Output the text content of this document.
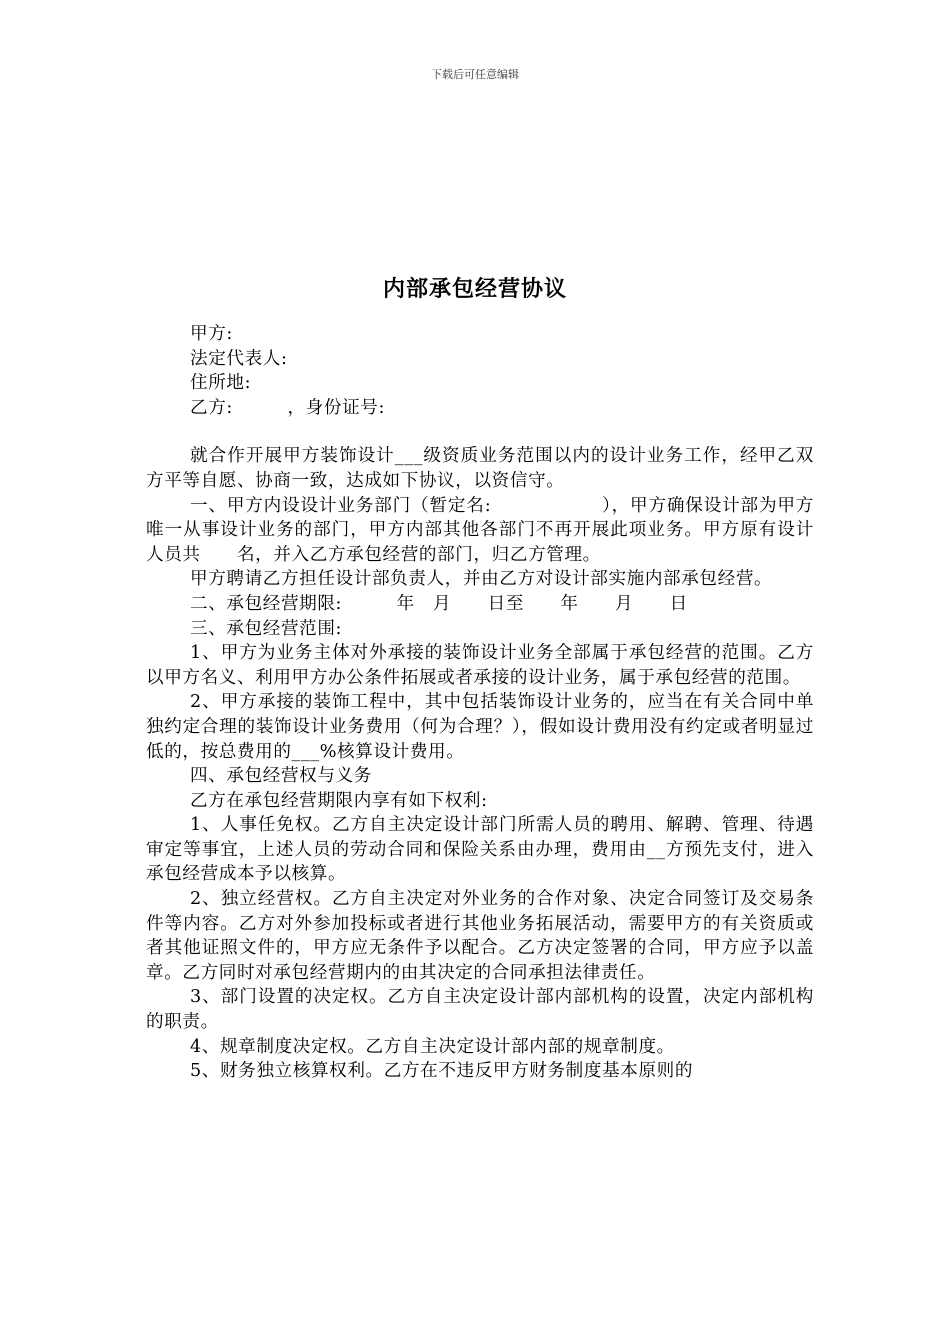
下载后可任意编辑
内部承包经营协议

甲方:

法定代表人:

住所地:

乙方:　　　，身份证号:

就合作开展甲方装饰设计___级资质业务范围以内的设计业务工作，经甲乙双方平等自愿、协商一致，达成如下协议，以资信守。

一、甲方内设设计业务部门（暂定名:　　　　　　），甲方确保设计部为甲方唯一从事设计业务的部门，甲方内部其他各部门不再开展此项业务。甲方原有设计人员共　　名，并入乙方承包经营的部门，归乙方管理。

甲方聘请乙方担任设计部负责人，并由乙方对设计部实施内部承包经营。

二、承包经营期限:　　　年　月　　日至　　年　　月　　日

三、承包经营范围:

1、甲方为业务主体对外承接的装饰设计业务全部属于承包经营的范围。乙方以甲方名义、利用甲方办公条件拓展或者承接的设计业务，属于承包经营的范围。

2、甲方承接的装饰工程中，其中包括装饰设计业务的，应当在有关合同中单独约定合理的装饰设计业务费用（何为合理？），假如设计费用没有约定或者明显过低的，按总费用的___%核算设计费用。

四、承包经营权与义务

乙方在承包经营期限内享有如下权利:

1、人事任免权。乙方自主决定设计部门所需人员的聘用、解聘、管理、待遇审定等事宜，上述人员的劳动合同和保险关系由办理，费用由__方预先支付，进入承包经营成本予以核算。

2、独立经营权。乙方自主决定对外业务的合作对象、决定合同签订及交易条件等内容。乙方对外参加投标或者进行其他业务拓展活动，需要甲方的有关资质或者其他证照文件的，甲方应无条件予以配合。乙方决定签署的合同，甲方应予以盖章。乙方同时对承包经营期内的由其决定的合同承担法律责任。

3、部门设置的决定权。乙方自主决定设计部内部机构的设置，决定内部机构的职责。

4、规章制度决定权。乙方自主决定设计部内部的规章制度。

5、财务独立核算权利。乙方在不违反甲方财务制度基本原则的
